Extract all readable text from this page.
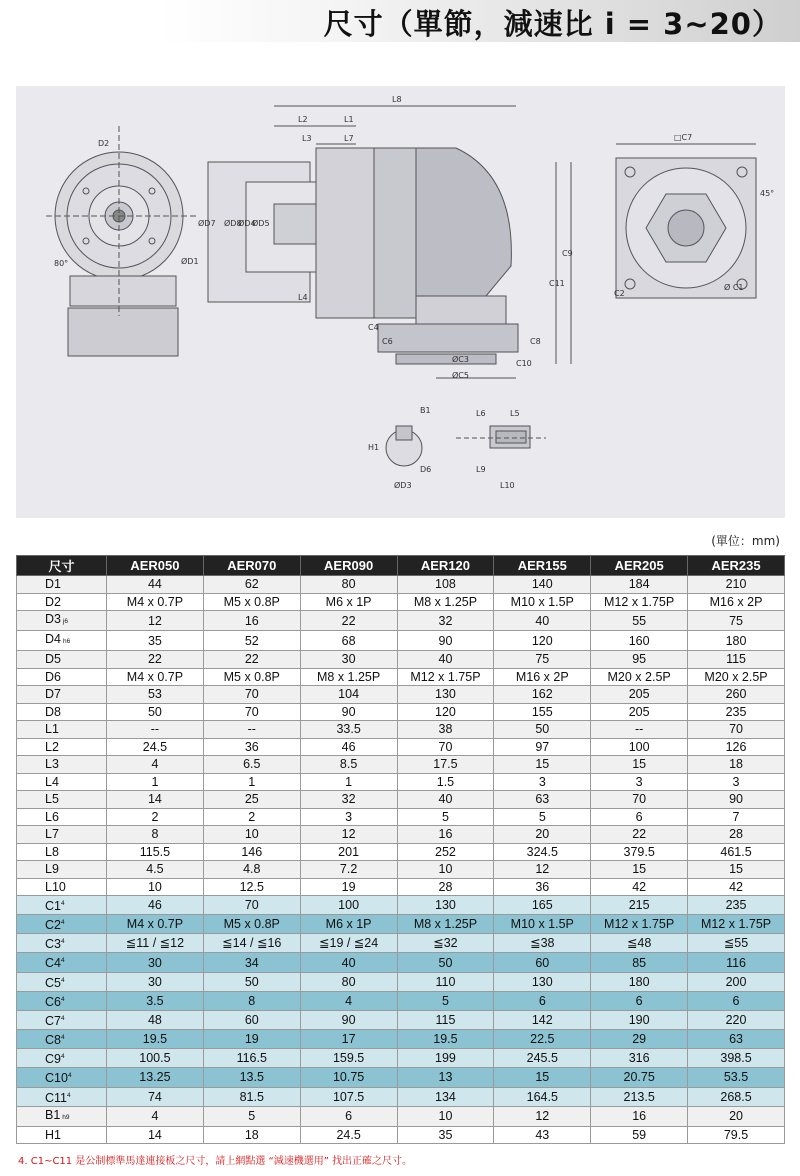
尺寸（單節，減速比 i = 3~20）
L8
L2	L1
L3	L7
D2
ØD7 ØD8
ØD4
ØD5
ØD1
80°
L4
C9
C11
C4
C6	C8
C10
ØC3
ØC5
□C7
45°
C2
Ø C1
B1
H1
D6
ØD3
L6	L5
L9
L10
(單位：mm)
尺寸	AER050	AER070	AER090	AER120	AER155	AER205	AER235
D1	44	62	80	108	140	184	210
D2	M4 x 0.7P	M5 x 0.8P	M6 x 1P	M8 x 1.25P	M10 x 1.5P	M12 x 1.75P	M16 x 2P
D3 j6	12	16	22	32	40	55	75
D4 h6	35	52	68	90	120	160	180
D5	22	22	30	40	75	95	115
D6	M4 x 0.7P	M5 x 0.8P	M8 x 1.25P	M12 x 1.75P	M16 x 2P	M20 x 2.5P	M20 x 2.5P
D7	53	70	104	130	162	205	260
D8	50	70	90	120	155	205	235
L1	--	--	33.5	38	50	--	70
L2	24.5	36	46	70	97	100	126
L3	4	6.5	8.5	17.5	15	15	18
L4	1	1	1	1.5	3	3	3
L5	14	25	32	40	63	70	90
L6	2	2	3	5	5	6	7
L7	8	10	12	16	20	22	28
L8	115.5	146	201	252	324.5	379.5	461.5
L9	4.5	4.8	7.2	10	12	15	15
L10	10	12.5	19	28	36	42	42
$C1^4$	46	70	100	130	165	215	235
$C2^4$	M4 x 0.7P	M5 x 0.8P	M6 x 1P	M8 x 1.25P	M10 x 1.5P	M12 x 1.75P	M12 x 1.75P
$C3^4$	≦11 / ≦12	≦14 / ≦16	≦19 / ≦24	≦32	≦38	≦48	≦55
$C4^4$	30	34	40	50	60	85	116
$C5^4$	30	50	80	110	130	180	200
$C6^4$	3.5	8	4	5	6	6	6
$C7^4$	48	60	90	115	142	190	220
$C8^4$	19.5	19	17	19.5	22.5	29	63
$C9^4$	100.5	116.5	159.5	199	245.5	316	398.5
$C10^4$	13.25	13.5	10.75	13	15	20.75	53.5
$C11^4$	74	81.5	107.5	134	164.5	213.5	268.5
B1 h9	4	5	6	10	12	16	20
H1	14	18	24.5	35	43	59	79.5
4. C1~C11 是公制標準馬達連接板之尺寸，請上網點選 “減速機選用” 找出正確之尺寸。
